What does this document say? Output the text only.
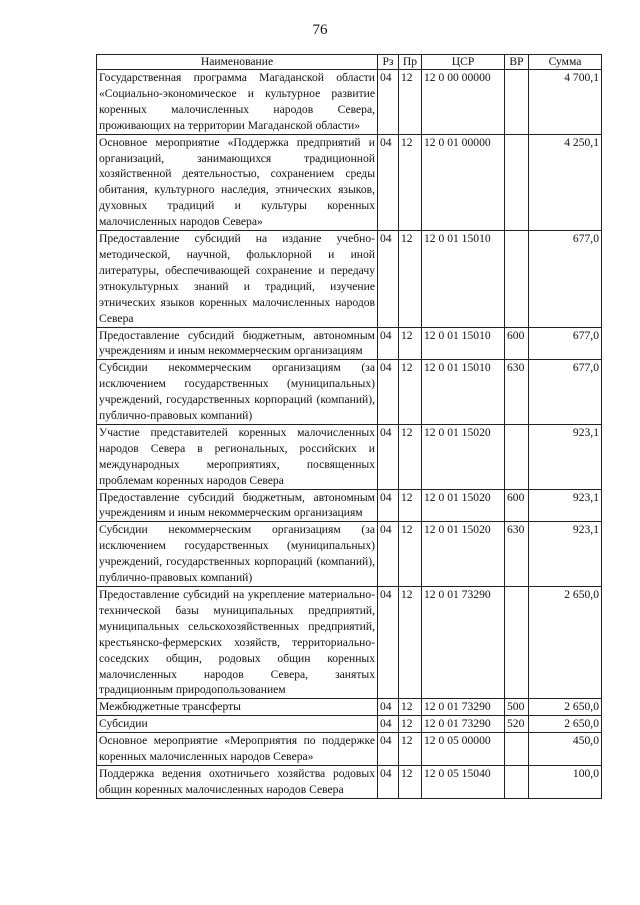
76
Наименование	Рз	Пр	ЦСР	ВР	Сумма
Государственная программа Магаданской области «Социально-экономическое и культурное развитие коренных малочисленных народов Севера, проживающих на территории Магаданской области»	04	12	12 0 00 00000		4 700,1
Основное мероприятие «Поддержка предприятий и организаций, занимающихся традиционной хозяйственной деятельностью, сохранением среды обитания, культурного наследия, этнических языков, духовных традиций и культуры коренных малочисленных народов Севера»	04	12	12 0 01 00000		4 250,1
Предоставление субсидий на издание учебно-методической, научной, фольклорной и иной литературы, обеспечивающей сохранение и передачу этнокультурных знаний и традиций, изучение этнических языков коренных малочисленных народов Севера	04	12	12 0 01 15010		677,0
Предоставление субсидий бюджетным, автономным учреждениям и иным некоммерческим организациям	04	12	12 0 01 15010	600	677,0
Субсидии некоммерческим организациям (за исключением государственных (муниципальных) учреждений, государственных корпораций (компаний), публично-правовых компаний)	04	12	12 0 01 15010	630	677,0
Участие представителей коренных малочисленных народов Севера в региональных, российских и международных мероприятиях, посвященных проблемам коренных народов Севера	04	12	12 0 01 15020		923,1
Предоставление субсидий бюджетным, автономным учреждениям и иным некоммерческим организациям	04	12	12 0 01 15020	600	923,1
Субсидии некоммерческим организациям (за исключением государственных (муниципальных) учреждений, государственных корпораций (компаний), публично-правовых компаний)	04	12	12 0 01 15020	630	923,1
Предоставление субсидий на укрепление материально-технической базы муниципальных предприятий, муниципальных сельскохозяйственных предприятий, крестьянско-фермерских хозяйств, территориально-соседских общин, родовых общин коренных малочисленных народов Севера, занятых традиционным природопользованием	04	12	12 0 01 73290		2 650,0
Межбюджетные трансферты	04	12	12 0 01 73290	500	2 650,0
Субсидии	04	12	12 0 01 73290	520	2 650,0
Основное мероприятие «Мероприятия по поддержке коренных малочисленных народов Севера»	04	12	12 0 05 00000		450,0
Поддержка ведения охотничьего хозяйства родовых общин коренных малочисленных народов Севера	04	12	12 0 05 15040		100,0
